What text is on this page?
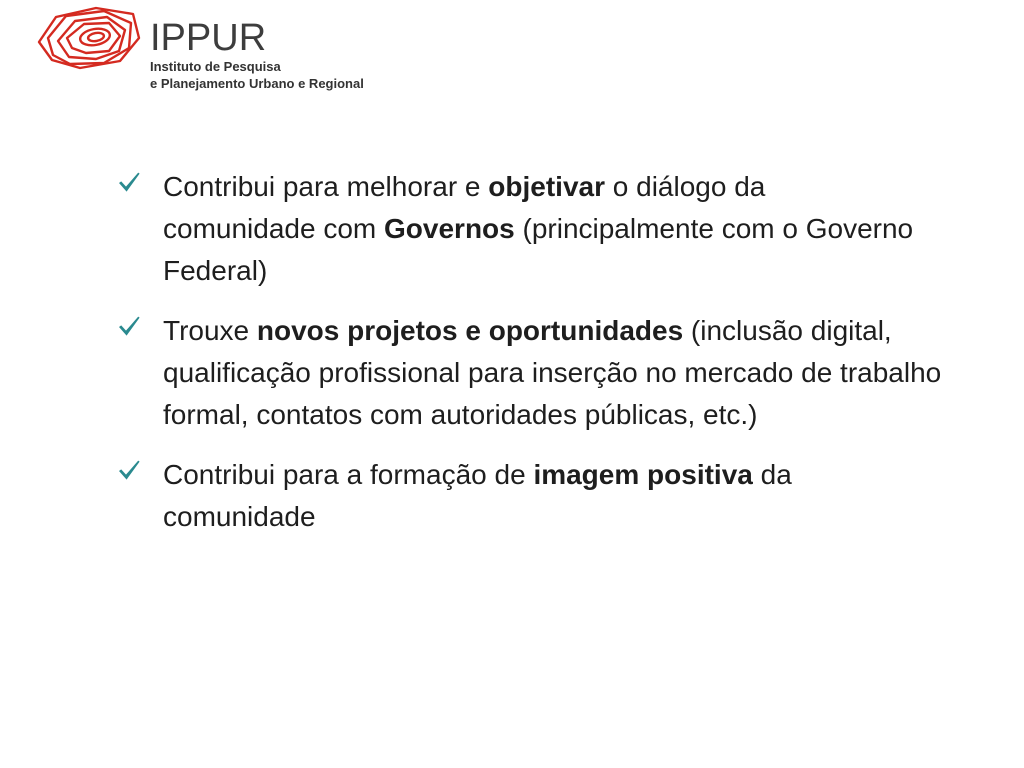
IPPUR
Instituto de Pesquisa
e Planejamento Urbano e Regional
Contribui para melhorar e objetivar o diálogo da
comunidade com Governos (principalmente com o Governo
Federal)
Trouxe novos projetos e oportunidades (inclusão digital,
qualificação profissional para inserção no mercado de trabalho
formal, contatos com autoridades públicas, etc.)
Contribui para a formação de imagem positiva da
comunidade
